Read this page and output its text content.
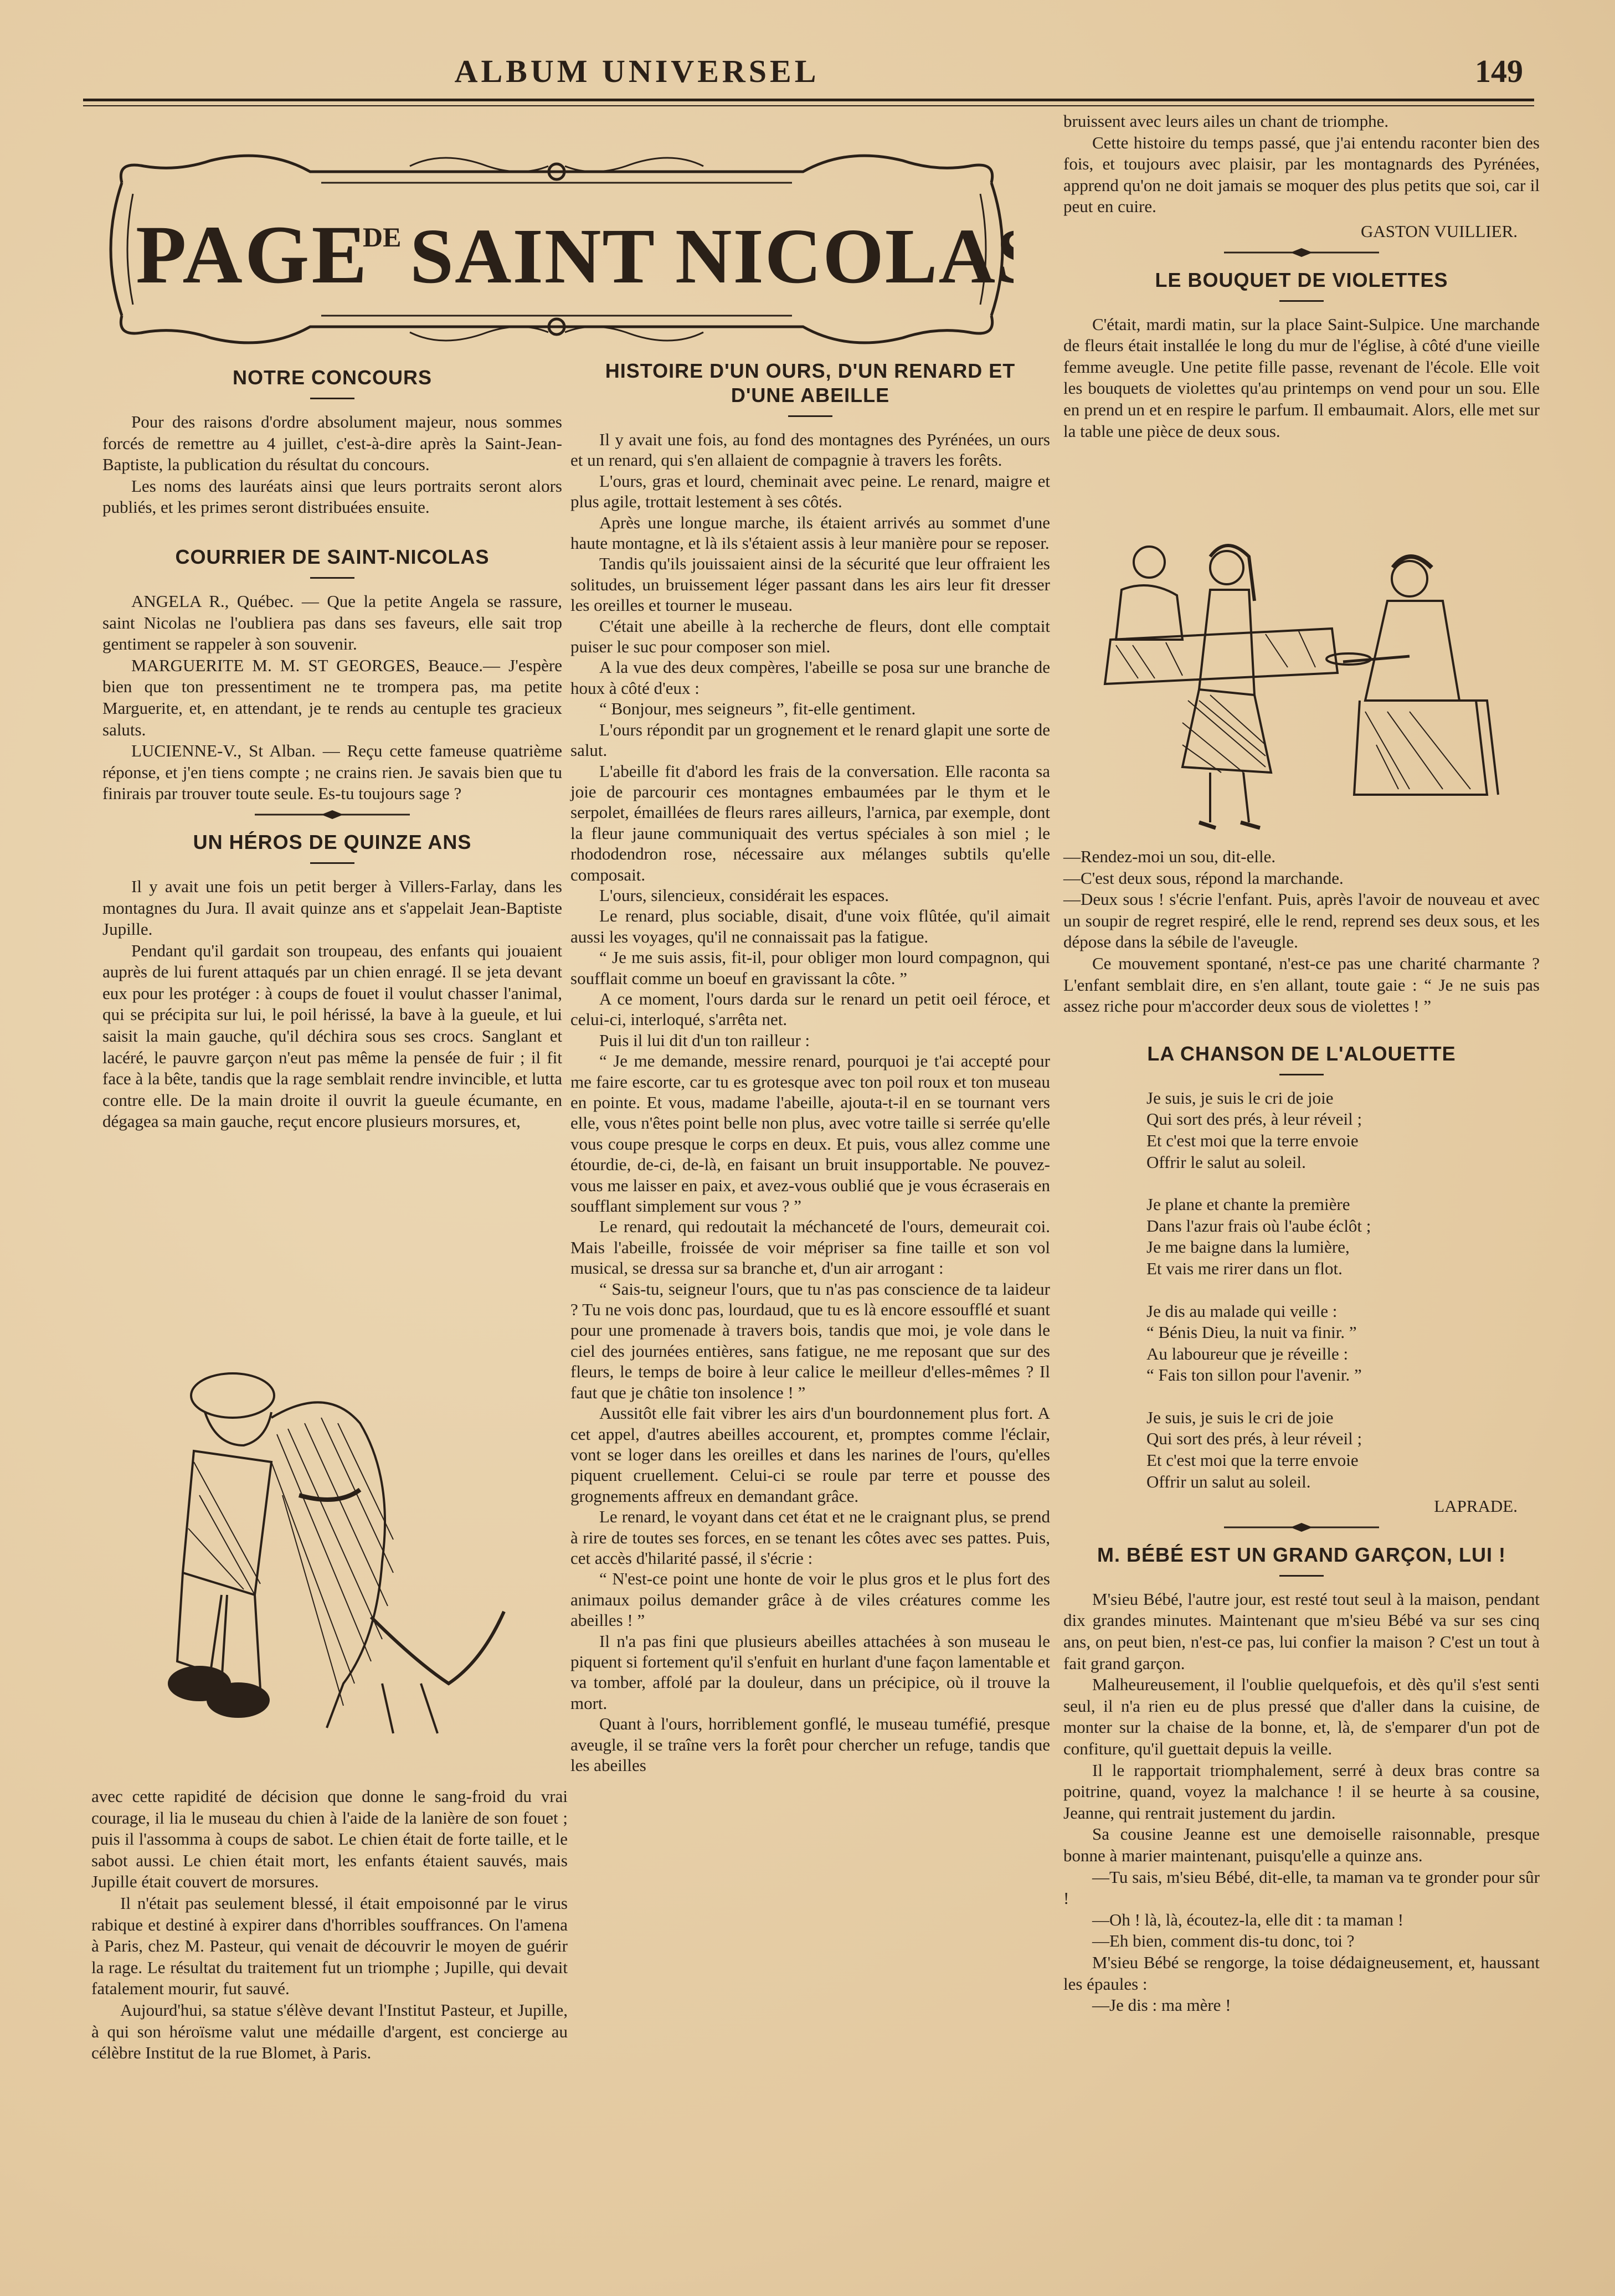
ALBUM UNIVERSEL	149
PAGE
DE SAINT NICOLAS
NOTRE CONCOURS

Pour des raisons d'ordre absolument majeur, nous sommes forcés de remettre au 4 juillet, c'est-à-dire après la Saint-Jean-Baptiste, la publication du résultat du concours.

Les noms des lauréats ainsi que leurs portraits seront alors publiés, et les primes seront distribuées ensuite.

COURRIER DE SAINT-NICOLAS

ANGELA R., Québec. — Que la petite Angela se rassure, saint Nicolas ne l'oubliera pas dans ses faveurs, elle sait trop gentiment se rappeler à son souvenir.

MARGUERITE M. M. ST GEORGES, Beauce.— J'espère bien que ton pressentiment ne te trompera pas, ma petite Marguerite, et, en attendant, je te rends au centuple tes gracieux saluts.

LUCIENNE-V., St Alban. — Reçu cette fameuse quatrième réponse, et j'en tiens compte ; ne crains rien. Je savais bien que tu finirais par trouver toute seule. Es-tu toujours sage ?

UN HÉROS DE QUINZE ANS

Il y avait une fois un petit berger à Villers-Farlay, dans les montagnes du Jura. Il avait quinze ans et s'appelait Jean-Baptiste Jupille.

Pendant qu'il gardait son troupeau, des enfants qui jouaient auprès de lui furent attaqués par un chien enragé. Il se jeta devant eux pour les protéger : à coups de fouet il voulut chasser l'animal, qui se précipita sur lui, le poil hérissé, la bave à la gueule, et lui saisit la main gauche, qu'il déchira sous ses crocs. Sanglant et lacéré, le pauvre garçon n'eut pas même la pensée de fuir ; il fit face à la bête, tandis que la rage semblait rendre invincible, et lutta contre elle. De la main droite il ouvrit la gueule écumante, en dégagea sa main gauche, reçut encore plusieurs morsures, et,

avec cette rapidité de décision que donne le sang-froid du vrai courage, il lia le museau du chien à l'aide de la lanière de son fouet ; puis il l'assomma à coups de sabot. Le chien était de forte taille, et le sabot aussi. Le chien était mort, les enfants étaient sauvés, mais Jupille était couvert de morsures.

Il n'était pas seulement blessé, il était empoisonné par le virus rabique et destiné à expirer dans d'horribles souffrances. On l'amena à Paris, chez M. Pasteur, qui venait de découvrir le moyen de guérir la rage. Le résultat du traitement fut un triomphe ; Jupille, qui devait fatalement mourir, fut sauvé.

Aujourd'hui, sa statue s'élève devant l'Institut Pasteur, et Jupille, à qui son héroïsme valut une médaille d'argent, est concierge au célèbre Institut de la rue Blomet, à Paris.

HISTOIRE D'UN OURS, D'UN RENARD ET D'UNE ABEILLE

Il y avait une fois, au fond des montagnes des Pyrénées, un ours et un renard, qui s'en allaient de compagnie à travers les forêts.

L'ours, gras et lourd, cheminait avec peine. Le renard, maigre et plus agile, trottait lestement à ses côtés.

Après une longue marche, ils étaient arrivés au sommet d'une haute montagne, et là ils s'étaient assis à leur manière pour se reposer.

Tandis qu'ils jouissaient ainsi de la sécurité que leur offraient les solitudes, un bruissement léger passant dans les airs leur fit dresser les oreilles et tourner le museau.

C'était une abeille à la recherche de fleurs, dont elle comptait puiser le suc pour composer son miel.

A la vue des deux compères, l'abeille se posa sur une branche de houx à côté d'eux :

“ Bonjour, mes seigneurs ”, fit-elle gentiment.

L'ours répondit par un grognement et le renard glapit une sorte de salut.

L'abeille fit d'abord les frais de la conversation. Elle raconta sa joie de parcourir ces montagnes embaumées par le thym et le serpolet, émaillées de fleurs rares ailleurs, l'arnica, par exemple, dont la fleur jaune communiquait des vertus spéciales à son miel ; le rhododendron rose, nécessaire aux mélanges subtils qu'elle composait.

L'ours, silencieux, considérait les espaces.

Le renard, plus sociable, disait, d'une voix flûtée, qu'il aimait aussi les voyages, qu'il ne connaissait pas la fatigue.

“ Je me suis assis, fit-il, pour obliger mon lourd compagnon, qui soufflait comme un boeuf en gravissant la côte. ”

A ce moment, l'ours darda sur le renard un petit oeil féroce, et celui-ci, interloqué, s'arrêta net.

Puis il lui dit d'un ton railleur :

“ Je me demande, messire renard, pourquoi je t'ai accepté pour me faire escorte, car tu es grotesque avec ton poil roux et ton museau en pointe. Et vous, madame l'abeille, ajouta-t-il en se tournant vers elle, vous n'êtes point belle non plus, avec votre taille si serrée qu'elle vous coupe presque le corps en deux. Et puis, vous allez comme une étourdie, de-ci, de-là, en faisant un bruit insupportable. Ne pouvez-vous me laisser en paix, et avez-vous oublié que je vous écraserais en soufflant simplement sur vous ? ”

Le renard, qui redoutait la méchanceté de l'ours, demeurait coi. Mais l'abeille, froissée de voir mépriser sa fine taille et son vol musical, se dressa sur sa branche et, d'un air arrogant :

“ Sais-tu, seigneur l'ours, que tu n'as pas conscience de ta laideur ? Tu ne vois donc pas, lourdaud, que tu es là encore essoufflé et suant pour une promenade à travers bois, tandis que moi, je vole dans le ciel des journées entières, sans fatigue, ne me reposant que sur des fleurs, le temps de boire à leur calice le meilleur d'elles-mêmes ? Il faut que je châtie ton insolence ! ”

Aussitôt elle fait vibrer les airs d'un bourdonnement plus fort. A cet appel, d'autres abeilles accourent, et, promptes comme l'éclair, vont se loger dans les oreilles et dans les narines de l'ours, qu'elles piquent cruellement. Celui-ci se roule par terre et pousse des grognements affreux en demandant grâce.

Le renard, le voyant dans cet état et ne le craignant plus, se prend à rire de toutes ses forces, en se tenant les côtes avec ses pattes. Puis, cet accès d'hilarité passé, il s'écrie :

“ N'est-ce point une honte de voir le plus gros et le plus fort des animaux poilus demander grâce à de viles créatures comme les abeilles ! ”

Il n'a pas fini que plusieurs abeilles attachées à son museau le piquent si fortement qu'il s'enfuit en hurlant d'une façon lamentable et va tomber, affolé par la douleur, dans un précipice, où il trouve la mort.

Quant à l'ours, horriblement gonflé, le museau tuméfié, presque aveugle, il se traîne vers la forêt pour chercher un refuge, tandis que les abeilles

bruissent avec leurs ailes un chant de triomphe.

Cette histoire du temps passé, que j'ai entendu raconter bien des fois, et toujours avec plaisir, par les montagnards des Pyrénées, apprend qu'on ne doit jamais se moquer des plus petits que soi, car il peut en cuire.

GASTON VUILLIER.

LE BOUQUET DE VIOLETTES

C'était, mardi matin, sur la place Saint-Sulpice. Une marchande de fleurs était installée le long du mur de l'église, à côté d'une vieille femme aveugle. Une petite fille passe, revenant de l'école. Elle voit les bouquets de violettes qu'au printemps on vend pour un sou. Elle en prend un et en respire le parfum. Il embaumait. Alors, elle met sur la table une pièce de deux sous.

—Rendez-moi un sou, dit-elle.

—C'est deux sous, répond la marchande.

—Deux sous ! s'écrie l'enfant. Puis, après l'avoir de nouveau et avec un soupir de regret respiré, elle le rend, reprend ses deux sous, et les dépose dans la sébile de l'aveugle.

Ce mouvement spontané, n'est-ce pas une charité charmante ? L'enfant semblait dire, en s'en allant, toute gaie : “ Je ne suis pas assez riche pour m'accorder deux sous de violettes ! ”

LA CHANSON DE L'ALOUETTE

Je suis, je suis le cri de joie

Qui sort des prés, à leur réveil ;

Et c'est moi que la terre envoie

Offrir le salut au soleil.

Je plane et chante la première

Dans l'azur frais où l'aube éclôt ;

Je me baigne dans la lumière,

Et vais me rirer dans un flot.

Je dis au malade qui veille :

“ Bénis Dieu, la nuit va finir. ”

Au laboureur que je réveille :

“ Fais ton sillon pour l'avenir. ”

Je suis, je suis le cri de joie

Qui sort des prés, à leur réveil ;

Et c'est moi que la terre envoie

Offrir un salut au soleil.

LAPRADE.

M. BÉBÉ EST UN GRAND GARÇON, LUI !

M'sieu Bébé, l'autre jour, est resté tout seul à la maison, pendant dix grandes minutes. Maintenant que m'sieu Bébé va sur ses cinq ans, on peut bien, n'est-ce pas, lui confier la maison ? C'est un tout à fait grand garçon.

Malheureusement, il l'oublie quelquefois, et dès qu'il s'est senti seul, il n'a rien eu de plus pressé que d'aller dans la cuisine, de monter sur la chaise de la bonne, et, là, de s'emparer d'un pot de confiture, qu'il guettait depuis la veille.

Il le rapportait triomphalement, serré à deux bras contre sa poitrine, quand, voyez la malchance ! il se heurte à sa cousine, Jeanne, qui rentrait justement du jardin.

Sa cousine Jeanne est une demoiselle raisonnable, presque bonne à marier maintenant, puisqu'elle a quinze ans.

—Tu sais, m'sieu Bébé, dit-elle, ta maman va te gronder pour sûr !

—Oh ! là, là, écoutez-la, elle dit : ta maman !

—Eh bien, comment dis-tu donc, toi ?

M'sieu Bébé se rengorge, la toise dédaigneusement, et, haussant les épaules :

—Je dis : ma mère !
